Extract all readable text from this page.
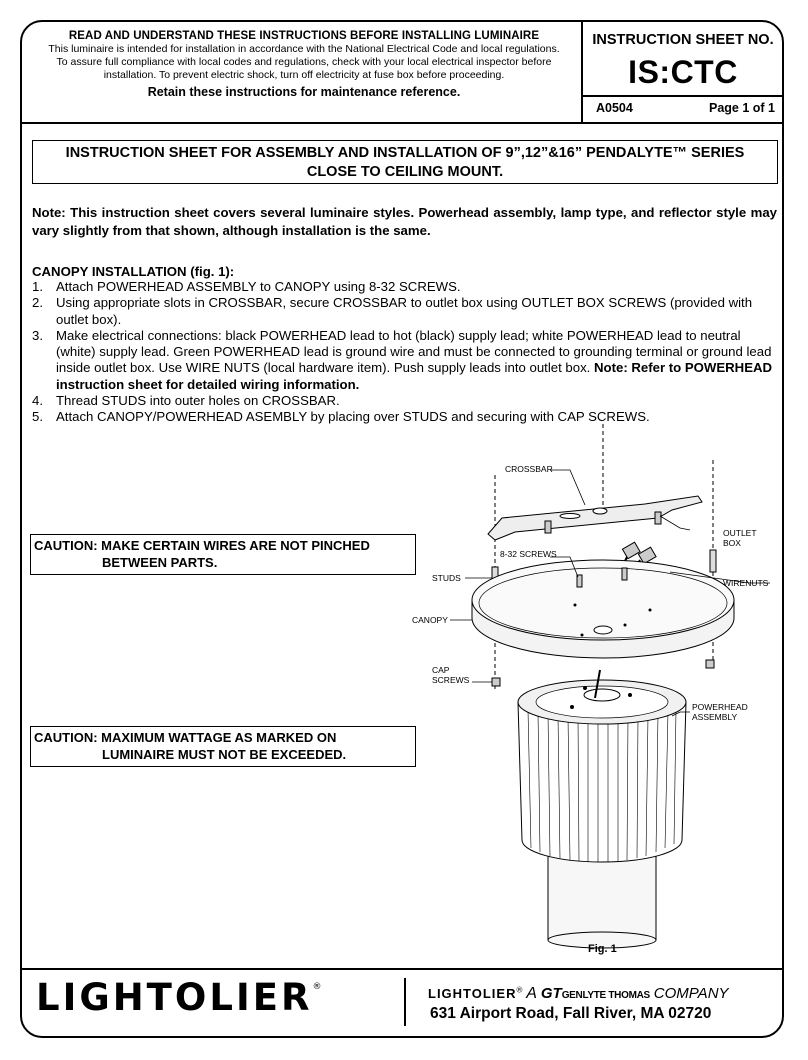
READ AND UNDERSTAND THESE INSTRUCTIONS BEFORE INSTALLING LUMINAIRE
This luminaire is intended for installation in accordance with the National Electrical Code and local regulations.
To assure full compliance with local codes and regulations, check with your local electrical inspector before
installation. To prevent electric shock, turn off electricity at fuse box before proceeding.
Retain these instructions for maintenance reference.
INSTRUCTION SHEET NO.
IS:CTC
A0504	Page 1 of 1
INSTRUCTION SHEET FOR ASSEMBLY AND INSTALLATION OF 9”,12”&16” PENDALYTE™ SERIES
CLOSE TO CEILING MOUNT.
Note: This instruction sheet covers several luminaire styles. Powerhead assembly, lamp type, and reflector style may vary slightly from that shown, although installation is the same.
CANOPY INSTALLATION (fig. 1):
1. Attach POWERHEAD ASSEMBLY to CANOPY using 8-32 SCREWS.
2. Using appropriate slots in CROSSBAR, secure CROSSBAR to outlet box using OUTLET BOX SCREWS (provided with outlet box).
3. Make electrical connections: black POWERHEAD lead to hot (black) supply lead; white POWERHEAD lead to neutral (white) supply lead. Green POWERHEAD lead is ground wire and must be connected to grounding terminal or ground lead inside outlet box. Use WIRE NUTS (local hardware item). Push supply leads into outlet box. Note: Refer to POWERHEAD instruction sheet for detailed wiring information.
4. Thread STUDS into outer holes on CROSSBAR.
5. Attach CANOPY/POWERHEAD ASEMBLY by placing over STUDS and securing with CAP SCREWS.
CAUTION: MAKE CERTAIN WIRES ARE NOT PINCHED
BETWEEN PARTS.
CAUTION: MAXIMUM WATTAGE AS MARKED ON
LUMINAIRE MUST NOT BE EXCEEDED.
CROSSBAR
OUTLET
BOX
8-32 SCREWS
STUDS	WIRENUTS
CANOPY
CAP
SCREWS
POWERHEAD
ASSEMBLY
Fig. 1
LIGHTOLIER®	LIGHTOLIER® A GTGENLYTE THOMAS COMPANY
631 Airport Road, Fall River, MA 02720
